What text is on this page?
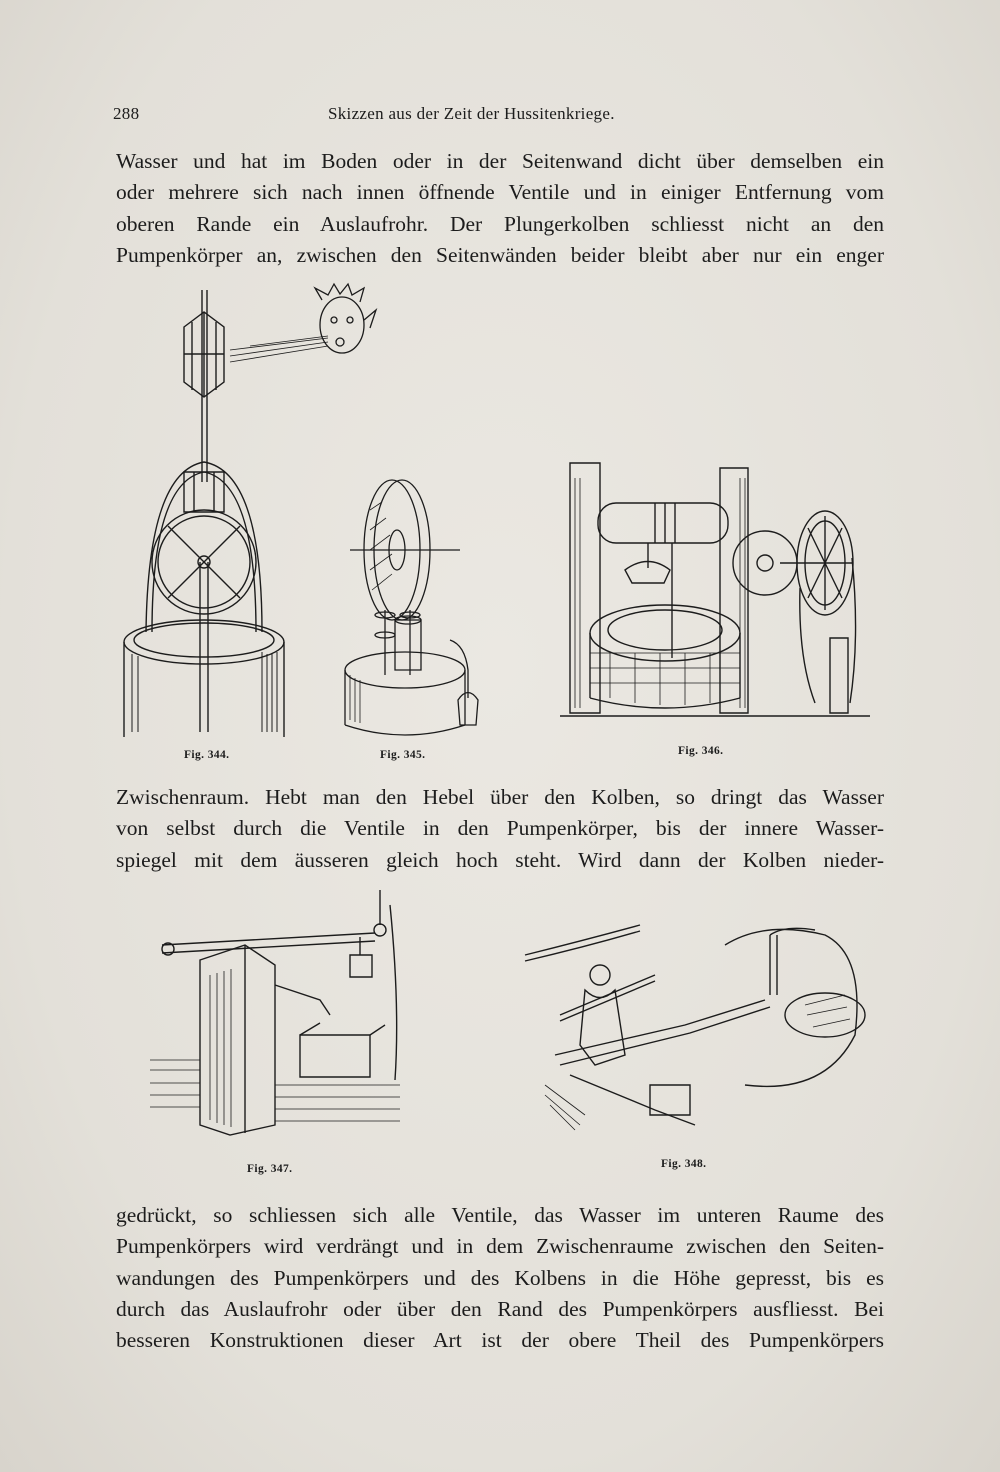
288	Skizzen aus der Zeit der Hussitenkriege.

Wasser und hat im Boden oder in der Seitenwand dicht über demselben ein
oder mehrere sich nach innen öffnende Ventile und in einiger Entfernung vom
oberen Rande ein Auslaufrohr. Der Plungerkolben schliesst nicht an den
Pumpenkörper an, zwischen den Seitenwänden beider bleibt aber nur ein enger

Fig. 344.	Fig. 345.	Fig. 346.

Zwischenraum. Hebt man den Hebel über den Kolben, so dringt das Wasser
von selbst durch die Ventile in den Pumpenkörper, bis der innere Wasser-
spiegel mit dem äusseren gleich hoch steht. Wird dann der Kolben nieder-

Fig. 347.	Fig. 348.

gedrückt, so schliessen sich alle Ventile, das Wasser im unteren Raume des
Pumpenkörpers wird verdrängt und in dem Zwischenraume zwischen den Seiten-
wandungen des Pumpenkörpers und des Kolbens in die Höhe gepresst, bis es
durch das Auslaufrohr oder über den Rand des Pumpenkörpers ausfliesst. Bei
besseren Konstruktionen dieser Art ist der obere Theil des Pumpenkörpers
